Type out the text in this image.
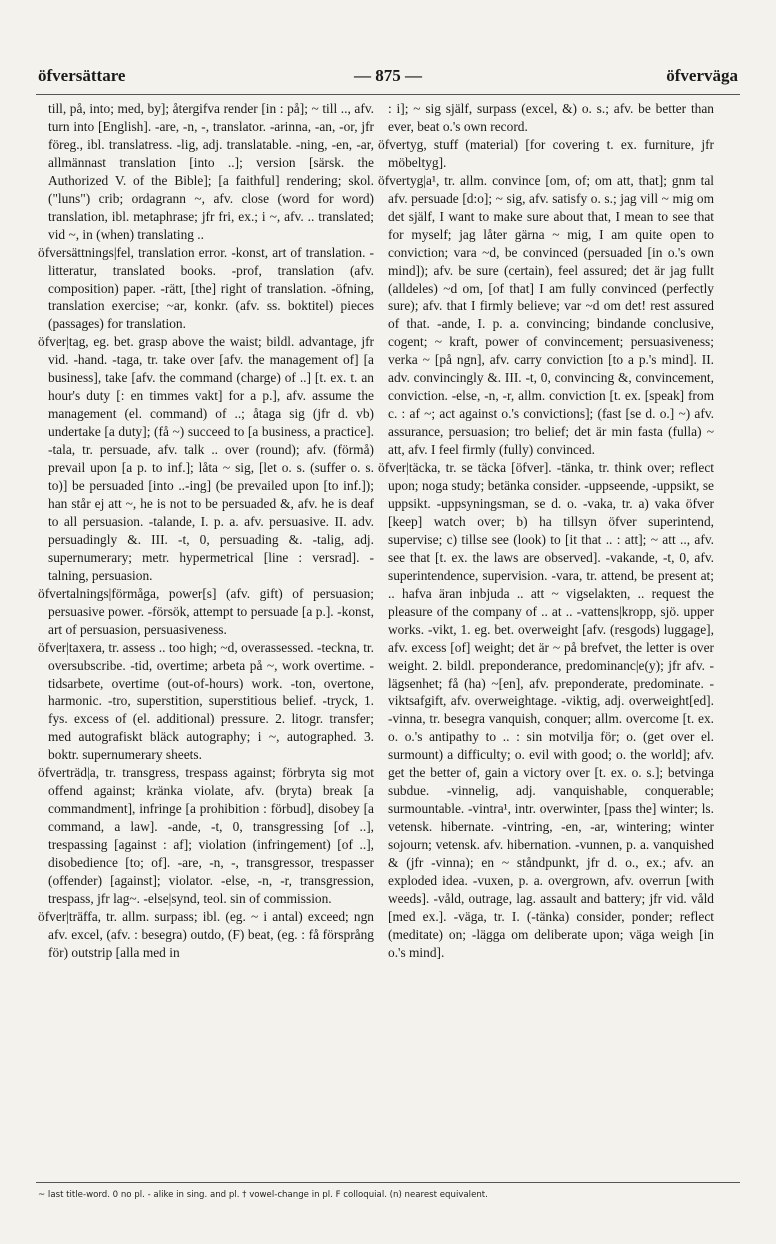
öfversättare	— 875 —	öfverväga

till, på, into; med, by]; återgifva render [in : på]; ~ till .., afv. turn into [English]. -are, -n, -, translator. -arinna, -an, -or, jfr föreg., ibl. translatress. -lig, adj. translatable. -ning, -en, -ar, allmännast translation [into ..]; version [särsk. the Authorized V. of the Bible]; [a faithful] rendering; skol. ("luns") crib; ordagrann ~, afv. close (word for word) translation, ibl. metaphrase; jfr fri, ex.; i ~, afv. .. translated; vid ~, in (when) translating ..

öfversättnings|fel, translation error. -konst, art of translation. -litteratur, translated books. -prof, translation (afv. composition) paper. -rätt, [the] right of translation. -öfning, translation exercise; ~ar, konkr. (afv. ss. boktitel) pieces (passages) for translation.

öfver|tag, eg. bet. grasp above the waist; bildl. advantage, jfr vid. -hand. -taga, tr. take over [afv. the management of] [a business], take [afv. the command (charge) of ..] [t. ex. t. an hour's duty [: en timmes vakt] for a p.], afv. assume the management (el. command) of ..; åtaga sig (jfr d. vb) undertake [a duty]; (få ~) succeed to [a business, a practice]. -tala, tr. persuade, afv. talk .. over (round); afv. (förmå) prevail upon [a p. to inf.]; låta ~ sig, [let o. s. (suffer o. s. to)] be persuaded [into ..-ing] (be prevailed upon [to inf.]); han står ej att ~, he is not to be persuaded &, afv. he is deaf to all persuasion. -talande, I. p. a. afv. persuasive. II. adv. persuadingly &. III. -t, 0, persuading &. -talig, adj. supernumerary; metr. hypermetrical [line : versrad]. -talning, persuasion.

öfvertalnings|förmåga, power[s] (afv. gift) of persuasion; persuasive power. -försök, attempt to persuade [a p.]. -konst, art of persuasion, persuasiveness.

öfver|taxera, tr. assess .. too high; ~d, overassessed. -teckna, tr. oversubscribe. -tid, overtime; arbeta på ~, work overtime. -tidsarbete, overtime (out-of-hours) work. -ton, overtone, harmonic. -tro, superstition, superstitious belief. -tryck, 1. fys. excess of (el. additional) pressure. 2. litogr. transfer; med autografiskt bläck autography; i ~, autographed. 3. boktr. supernumerary sheets.

öfverträd|a, tr. transgress, trespass against; förbryta sig mot offend against; kränka violate, afv. (bryta) break [a commandment], infringe [a prohibition : förbud], disobey [a command, a law]. -ande, -t, 0, transgressing [of ..], trespassing [against : af]; violation (infringement) [of ..], disobedience [to; of]. -are, -n, -, transgressor, trespasser (offender) [against]; violator. -else, -n, -r, transgression, trespass, jfr lag~. -else|synd, teol. sin of commission.

öfver|träffa, tr. allm. surpass; ibl. (eg. ~ i antal) exceed; ngn afv. excel, (afv. : besegra) outdo, (F) beat, (eg. : få försprång för) outstrip [alla med in

: i]; ~ sig själf, surpass (excel, &) o. s.; afv. be better than ever, beat o.'s own record.

öfvertyg, stuff (material) [for covering t. ex. furniture, jfr möbeltyg].

öfvertyg|a¹, tr. allm. convince [om, of; om att, that]; gnm tal afv. persuade [d:o]; ~ sig, afv. satisfy o. s.; jag vill ~ mig om det själf, I want to make sure about that, I mean to see that for myself; jag låter gärna ~ mig, I am quite open to conviction; vara ~d, be convinced (persuaded [in o.'s own mind]); afv. be sure (certain), feel assured; det är jag fullt (alldeles) ~d om, [of that] I am fully convinced (perfectly sure); afv. that I firmly believe; var ~d om det! rest assured of that. -ande, I. p. a. convincing; bindande conclusive, cogent; ~ kraft, power of convincement; persuasiveness; verka ~ [på ngn], afv. carry conviction [to a p.'s mind]. II. adv. convincingly &. III. -t, 0, convincing &, convincement, conviction. -else, -n, -r, allm. conviction [t. ex. [speak] from c. : af ~; act against o.'s convictions]; (fast [se d. o.] ~) afv. assurance, persuasion; tro belief; det är min fasta (fulla) ~ att, afv. I feel firmly (fully) convinced.

öfver|täcka, tr. se täcka [öfver]. -tänka, tr. think over; reflect upon; noga study; betänka consider. -uppseende, -uppsikt, se uppsikt. -uppsyningsman, se d. o. -vaka, tr. a) vaka öfver [keep] watch over; b) ha tillsyn öfver superintend, supervise; c) tillse see (look) to [it that .. : att]; ~ att .., afv. see that [t. ex. the laws are observed]. -vakande, -t, 0, afv. superintendence, supervision. -vara, tr. attend, be present at; .. hafva äran inbjuda .. att ~ vigselakten, .. request the pleasure of the company of .. at .. -vattens|kropp, sjö. upper works. -vikt, 1. eg. bet. overweight [afv. (resgods) luggage], afv. excess [of] weight; det är ~ på brefvet, the letter is over weight. 2. bildl. preponderance, predominanc|e(y); jfr afv. -lägsenhet; få (ha) ~[en], afv. preponderate, predominate. -viktsafgift, afv. overweightage. -viktig, adj. overweight[ed]. -vinna, tr. besegra vanquish, conquer; allm. overcome [t. ex. o. o.'s antipathy to .. : sin motvilja för; o. (get over el. surmount) a difficulty; o. evil with good; o. the world]; afv. get the better of, gain a victory over [t. ex. o. s.]; betvinga subdue. -vinnelig, adj. vanquishable, conquerable; surmountable. -vintra¹, intr. overwinter, [pass the] winter; ls. vetensk. hibernate. -vintring, -en, -ar, wintering; winter sojourn; vetensk. afv. hibernation. -vunnen, p. a. vanquished & (jfr -vinna); en ~ ståndpunkt, jfr d. o., ex.; afv. an exploded idea. -vuxen, p. a. overgrown, afv. overrun [with weeds]. -våld, outrage, lag. assault and battery; jfr vid. våld [med ex.]. -väga, tr. I. (-tänka) consider, ponder; reflect (meditate) on; -lägga om deliberate upon; väga weigh [in o.'s mind].

~ last title-word. 0 no pl. - alike in sing. and pl. † vowel-change in pl. F colloquial. (n) nearest equivalent.
